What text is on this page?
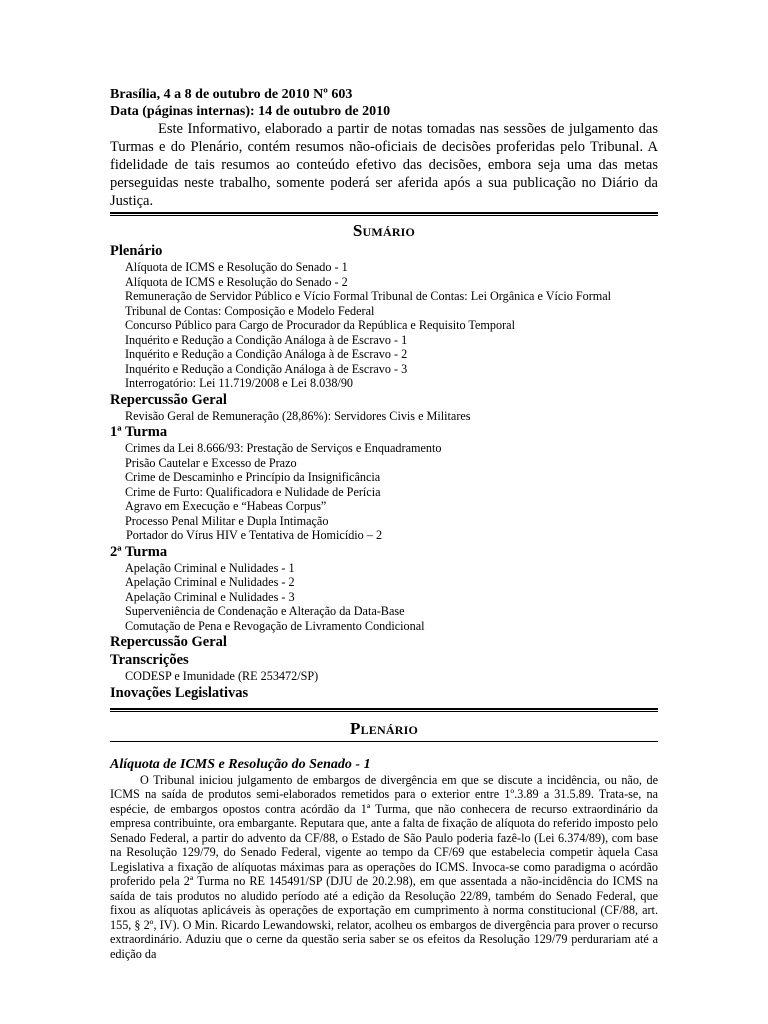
Brasília, 4 a 8 de outubro de 2010 Nº 603
Data (páginas internas): 14 de outubro de 2010

Este Informativo, elaborado a partir de notas tomadas nas sessões de julgamento das Turmas e do Plenário, contém resumos não-oficiais de decisões proferidas pelo Tribunal. A fidelidade de tais resumos ao conteúdo efetivo das decisões, embora seja uma das metas perseguidas neste trabalho, somente poderá ser aferida após a sua publicação no Diário da Justiça.

Sumário
Plenário
Alíquota de ICMS e Resolução do Senado - 1
Alíquota de ICMS e Resolução do Senado - 2
Remuneração de Servidor Público e Vício Formal Tribunal de Contas: Lei Orgânica e Vício Formal
Tribunal de Contas: Composição e Modelo Federal
Concurso Público para Cargo de Procurador da República e Requisito Temporal
Inquérito e Redução a Condição Análoga à de Escravo - 1
Inquérito e Redução a Condição Análoga à de Escravo - 2
Inquérito e Redução a Condição Análoga à de Escravo - 3
Interrogatório: Lei 11.719/2008 e Lei 8.038/90
Repercussão Geral
Revisão Geral de Remuneração (28,86%): Servidores Civis e Militares
1ª Turma
Crimes da Lei 8.666/93: Prestação de Serviços e Enquadramento
Prisão Cautelar e Excesso de Prazo
Crime de Descaminho e Princípio da Insignificância
Crime de Furto: Qualificadora e Nulidade de Perícia
Agravo em Execução e “Habeas Corpus”
Processo Penal Militar e Dupla Intimação
Portador do Vírus HIV e Tentativa de Homicídio – 2
2ª Turma
Apelação Criminal e Nulidades - 1
Apelação Criminal e Nulidades - 2
Apelação Criminal e Nulidades - 3
Superveniência de Condenação e Alteração da Data-Base
Comutação de Pena e Revogação de Livramento Condicional
Repercussão Geral
Transcrições
CODESP e Imunidade (RE 253472/SP)
Inovações Legislativas
Plenário
Alíquota de ICMS e Resolução do Senado - 1

O Tribunal iniciou julgamento de embargos de divergência em que se discute a incidência, ou não, de ICMS na saída de produtos semi-elaborados remetidos para o exterior entre 1º.3.89 a 31.5.89. Trata-se, na espécie, de embargos opostos contra acórdão da 1ª Turma, que não conhecera de recurso extraordinário da empresa contribuinte, ora embargante. Reputara que, ante a falta de fixação de alíquota do referido imposto pelo Senado Federal, a partir do advento da CF/88, o Estado de São Paulo poderia fazê-lo (Lei 6.374/89), com base na Resolução 129/79, do Senado Federal, vigente ao tempo da CF/69 que estabelecia competir àquela Casa Legislativa a fixação de alíquotas máximas para as operações do ICMS. Invoca-se como paradigma o acórdão proferido pela 2ª Turma no RE 145491/SP (DJU de 20.2.98), em que assentada a não-incidência do ICMS na saída de tais produtos no aludido período até a edição da Resolução 22/89, também do Senado Federal, que fixou as alíquotas aplicáveis às operações de exportação em cumprimento à norma constitucional (CF/88, art. 155, § 2º, IV). O Min. Ricardo Lewandowski, relator, acolheu os embargos de divergência para prover o recurso extraordinário. Aduziu que o cerne da questão seria saber se os efeitos da Resolução 129/79 perdurariam até a edição da
